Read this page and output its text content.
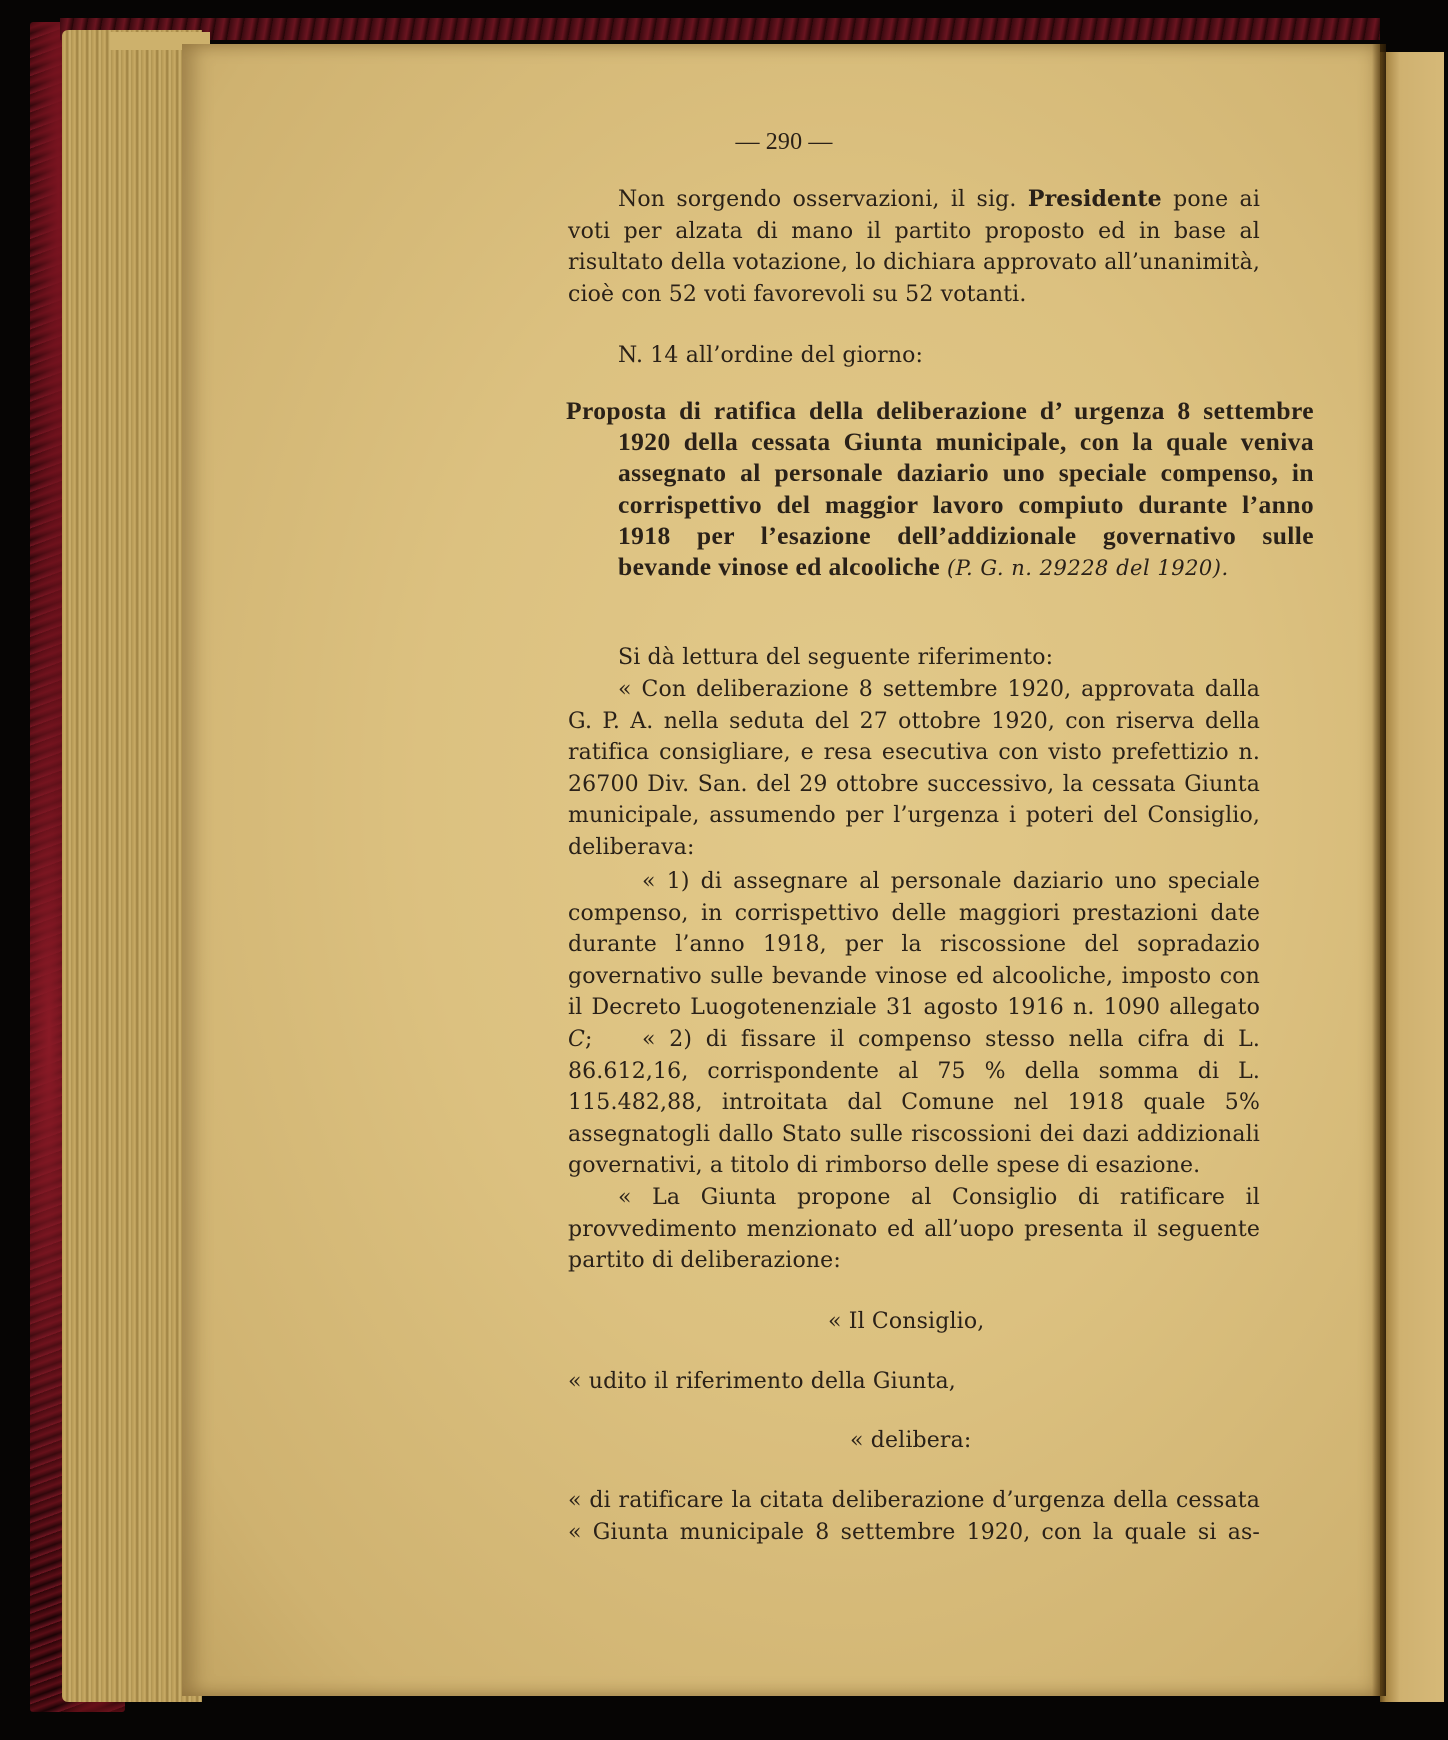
— 290 —

Non sorgendo osservazioni, il sig. Presidente pone ai voti per alzata di mano il partito proposto ed in base al risultato della votazione, lo dichiara approvato all’unanimità, cioè con 52 voti favorevoli su 52 votanti.

N. 14 all’ordine del giorno:

Proposta di ratifica della deliberazione d’ urgenza 8 settembre 1920 della cessata Giunta municipale, con la quale veniva assegnato al personale daziario uno speciale compenso, in corrispettivo del maggior lavoro compiuto durante l’anno 1918 per l’esazione dell’addizionale governativo sulle bevande vinose ed alcooliche (P. G. n. 29228 del 1920).

Si dà lettura del seguente riferimento:

« Con deliberazione 8 settembre 1920, approvata dalla G. P. A. nella seduta del 27 ottobre 1920, con riserva della ratifica consigliare, e resa esecutiva con visto prefettizio n. 26700 Div. San. del 29 ottobre successivo, la cessata Giunta municipale, assumendo per l’urgenza i poteri del Consiglio, deliberava:

« 1) di assegnare al personale daziario uno speciale compenso, in corrispettivo delle maggiori prestazioni date durante l’anno 1918, per la riscossione del sopradazio governativo sulle bevande vinose ed alcooliche, imposto con il Decreto Luogotenenziale 31 agosto 1916 n. 1090 allegato C;	« 2) di fissare il compenso stesso nella cifra di L. 86.612,16, corrispondente al 75 % della somma di L. 115.482,88, introitata dal Comune nel 1918 quale 5% assegnatogli dallo Stato sulle riscossioni dei dazi addizionali governativi, a titolo di rimborso delle spese di esazione.

« La Giunta propone al Consiglio di ratificare il provvedimento menzionato ed all’uopo presenta il seguente partito di deliberazione:

« Il Consiglio,

« udito il riferimento della Giunta,

« delibera:

« di ratificare la citata deliberazione d’urgenza della cessata

« Giunta municipale 8 settembre 1920, con la quale si as-
